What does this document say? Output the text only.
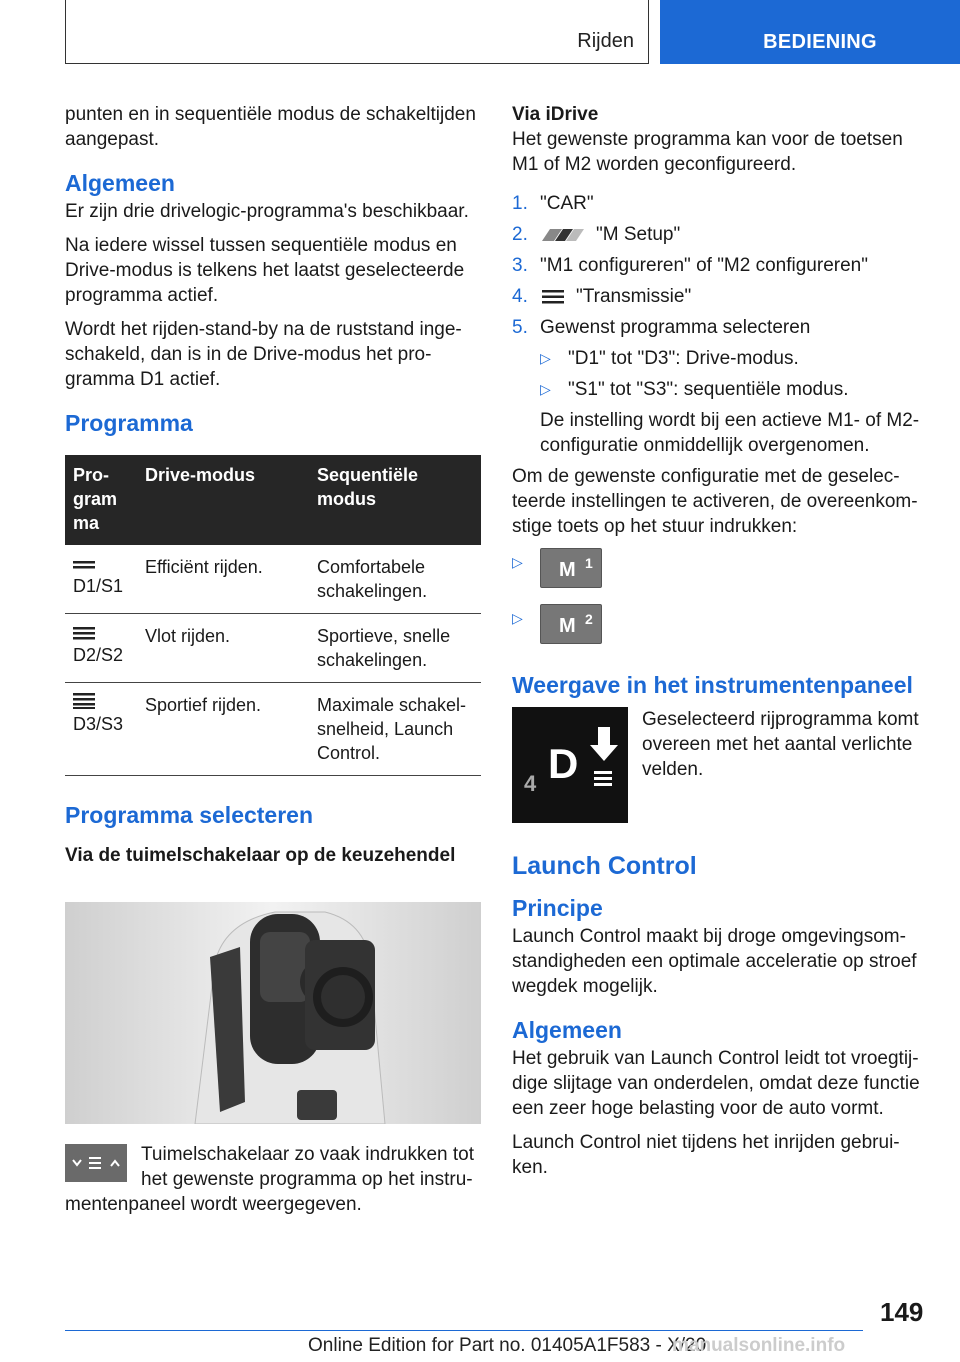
Rijden	BEDIENING

punten en in sequentiële modus de schakeltijden aangepast.

Algemeen

Er zijn drie drivelogic-programma's beschikbaar.

Na iedere wissel tussen sequentiële modus en Drive-modus is telkens het laatst geselecteerde programma actief.

Wordt het rijden-stand-by na de ruststand inge-schakeld, dan is in de Drive-modus het pro-gramma D1 actief.

Programma
Pro-gram ma	Drive-modus	Sequentiële modus

D1/S1	Efficiënt rijden.	Comfortabele schakelingen.

D2/S2	Vlot rijden.	Sportieve, snelle schakelingen.

D3/S3	Sportief rijden.	Maximale schakel-snelheid, Launch Control.
Programma selecteren
Via de tuimelschakelaar op de keuzehendel
Tuimelschakelaar zo vaak indrukken tot het gewenste programma op het instru-mentenpaneel wordt weergegeven.
Via iDrive

Het gewenste programma kan voor de toetsen M1 of M2 worden geconfigureerd.

1. "CAR"
2.	"M Setup"
3. "M1 configureren" of "M2 configureren"
4.	"Transmissie"
5. Gewenst programma selecteren
▷ "D1" tot "D3": Drive-modus.
▷ "S1" tot "S3": sequentiële modus.
De instelling wordt bij een actieve M1- of M2-configuratie onmiddellijk overgenomen.

Om de gewenste configuratie met de geselec-teerde instellingen te activeren, de overeenkom-stige toets op het stuur indrukken:

▷ M 1
▷ M 2
Weergave in het instrumentenpaneel
4 D

Geselecteerd rijprogramma komt overeen met het aantal verlichte velden.

Launch Control
Principe

Launch Control maakt bij droge omgevingsom-standigheden een optimale acceleratie op stroef wegdek mogelijk.

Algemeen

Het gebruik van Launch Control leidt tot vroegtij-dige slijtage van onderdelen, omdat deze functie een zeer hoge belasting voor de auto vormt.

Launch Control niet tijdens het inrijden gebrui-ken.

149
Online Edition for Part no. 01405A1F583 - X/20
manualsonline.info
